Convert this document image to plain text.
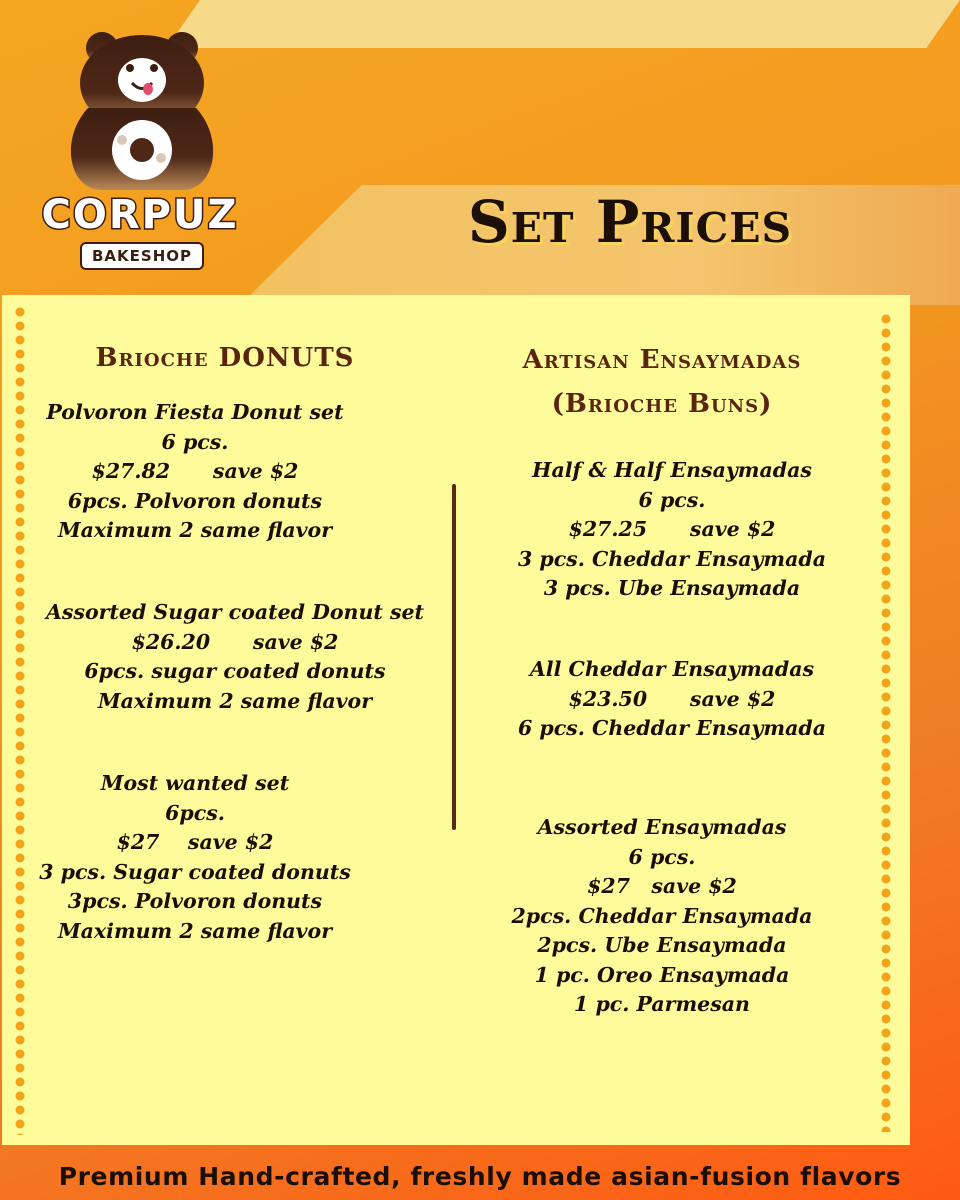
CORPUZ
BAKESHOP	Set Prices
Brioche DONUTS
Polvoron Fiesta Donut set
6 pcs.
$27.82      save $2
6pcs. Polvoron donuts
Maximum 2 same flavor
Assorted Sugar coated Donut set
$26.20      save $2
6pcs. sugar coated donuts
Maximum 2 same flavor
Most wanted set
6pcs.
$27    save $2
3 pcs. Sugar coated donuts
3pcs. Polvoron donuts
Maximum 2 same flavor
Artisan Ensaymadas
(Brioche Buns)
Half & Half Ensaymadas
6 pcs.
$27.25      save $2
3 pcs. Cheddar Ensaymada
3 pcs. Ube Ensaymada
All Cheddar Ensaymadas
$23.50      save $2
6 pcs. Cheddar Ensaymada
Assorted Ensaymadas
6 pcs.
$27   save $2
2pcs. Cheddar Ensaymada
2pcs. Ube Ensaymada
1 pc. Oreo Ensaymada
1 pc. Parmesan
Premium Hand-crafted, freshly made asian-fusion flavors
